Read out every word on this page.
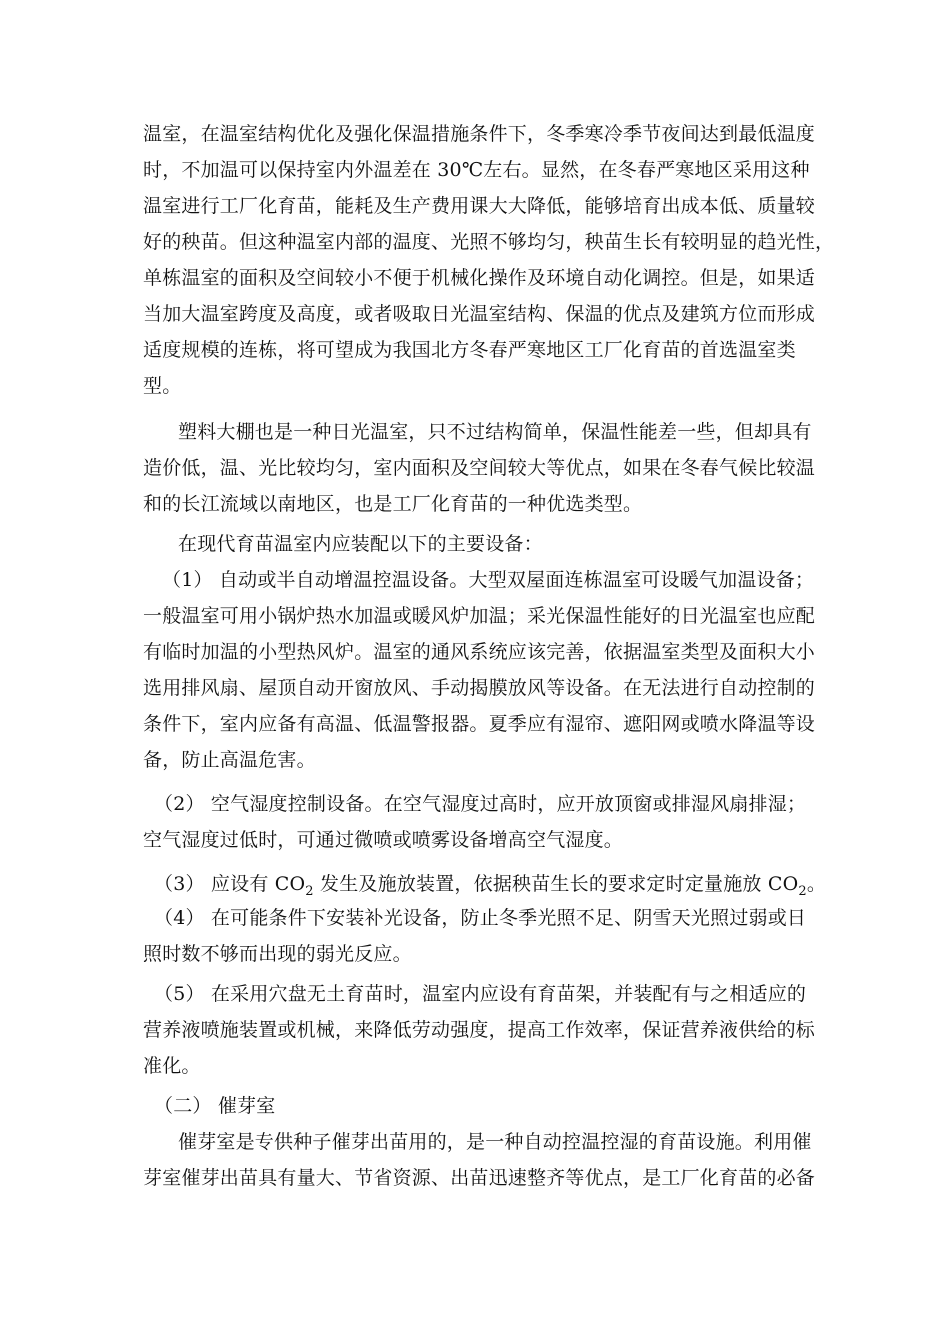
温室，在温室结构优化及强化保温措施条件下，冬季寒冷季节夜间达到最低温度
时，不加温可以保持室内外温差在 30℃左右。显然，在冬春严寒地区采用这种
温室进行工厂化育苗，能耗及生产费用课大大降低，能够培育出成本低、质量较
好的秧苗。但这种温室内部的温度、光照不够均匀，秧苗生长有较明显的趋光性，
单栋温室的面积及空间较小不便于机械化操作及环境自动化调控。但是，如果适
当加大温室跨度及高度，或者吸取日光温室结构、保温的优点及建筑方位而形成
适度规模的连栋，将可望成为我国北方冬春严寒地区工厂化育苗的首选温室类
型。
塑料大棚也是一种日光温室，只不过结构简单，保温性能差一些，但却具有
造价低，温、光比较均匀，室内面积及空间较大等优点，如果在冬春气候比较温
和的长江流域以南地区，也是工厂化育苗的一种优选类型。
在现代育苗温室内应装配以下的主要设备：
（1） 自动或半自动增温控温设备。大型双屋面连栋温室可设暖气加温设备；
一般温室可用小锅炉热水加温或暖风炉加温；采光保温性能好的日光温室也应配
有临时加温的小型热风炉。温室的通风系统应该完善，依据温室类型及面积大小
选用排风扇、屋顶自动开窗放风、手动揭膜放风等设备。在无法进行自动控制的
条件下，室内应备有高温、低温警报器。夏季应有湿帘、遮阳网或喷水降温等设
备，防止高温危害。
（2） 空气湿度控制设备。在空气湿度过高时，应开放顶窗或排湿风扇排湿；
空气湿度过低时，可通过微喷或喷雾设备增高空气湿度。
（3） 应设有 $CO_2$ 发生及施放装置，依据秧苗生长的要求定时定量施放 $CO_2$。
（4） 在可能条件下安装补光设备，防止冬季光照不足、阴雪天光照过弱或日
照时数不够而出现的弱光反应。
（5） 在采用穴盘无土育苗时，温室内应设有育苗架，并装配有与之相适应的
营养液喷施装置或机械，来降低劳动强度，提高工作效率，保证营养液供给的标
准化。
（二） 催芽室
催芽室是专供种子催芽出苗用的，是一种自动控温控湿的育苗设施。利用催
芽室催芽出苗具有量大、节省资源、出苗迅速整齐等优点，是工厂化育苗的必备
